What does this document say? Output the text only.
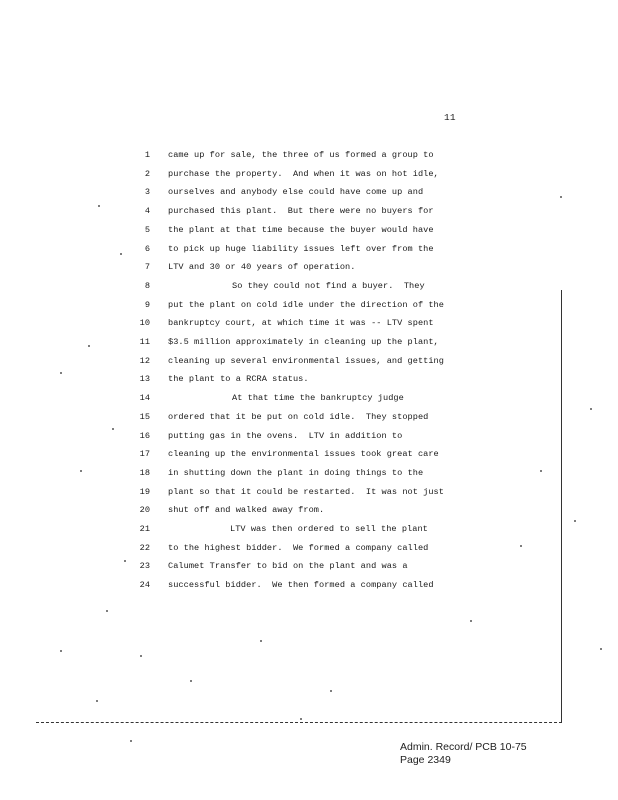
11
1 came up for sale, the three of us formed a group to
2 purchase the property.  And when it was on hot idle,
3 ourselves and anybody else could have come up and
4 purchased this plant.  But there were no buyers for
5 the plant at that time because the buyer would have
6 to pick up huge liability issues left over from the
7 LTV and 30 or 40 years of operation.
8	So they could not find a buyer.  They
9 put the plant on cold idle under the direction of the
10 bankruptcy court, at which time it was -- LTV spent
11 $3.5 million approximately in cleaning up the plant,
12 cleaning up several environmental issues, and getting
13 the plant to a RCRA status.
14	At that time the bankruptcy judge
15 ordered that it be put on cold idle.  They stopped
16 putting gas in the ovens.  LTV in addition to
17 cleaning up the environmental issues took great care
18 in shutting down the plant in doing things to the
19 plant so that it could be restarted.  It was not just
20 shut off and walked away from.
21	LTV was then ordered to sell the plant
22 to the highest bidder.  We formed a company called
23 Calumet Transfer to bid on the plant and was a
24 successful bidder.  We then formed a company called
Admin. Record/ PCB 10-75
Page 2349
